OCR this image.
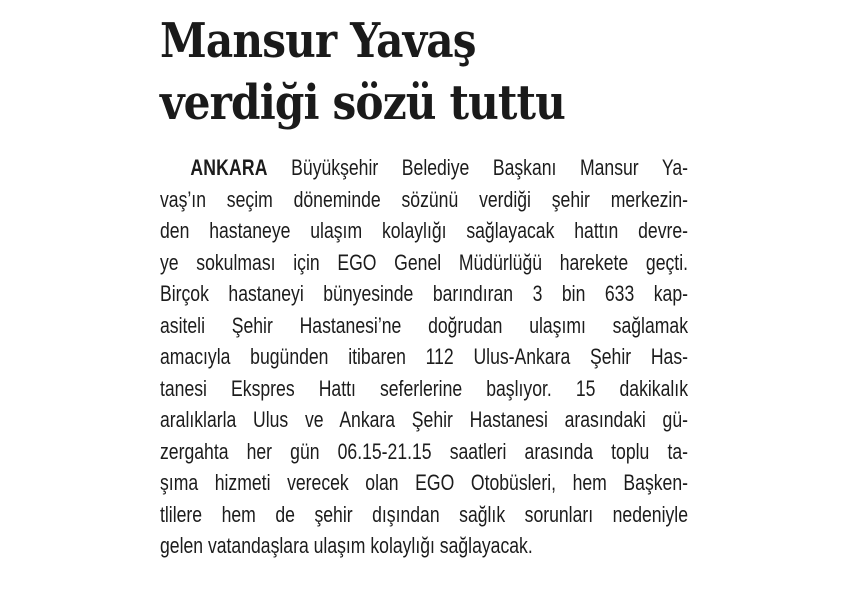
Mansur Yavaş
verdiği sözü tuttu
ANKARA Büyükşehir Belediye Başkanı Mansur Ya-
vaş’ın seçim döneminde sözünü verdiği şehir merkezin-
den hastaneye ulaşım kolaylığı sağlayacak hattın devre-
ye sokulması için EGO Genel Müdürlüğü harekete geçti.
Birçok hastaneyi bünyesinde barındıran 3 bin 633 kap-
asiteli Şehir Hastanesi’ne doğrudan ulaşımı sağlamak
amacıyla bugünden itibaren 112 Ulus-Ankara Şehir Has-
tanesi Ekspres Hattı seferlerine başlıyor. 15 dakikalık
aralıklarla Ulus ve Ankara Şehir Hastanesi arasındaki gü-
zergahta her gün 06.15-21.15 saatleri arasında toplu ta-
şıma hizmeti verecek olan EGO Otobüsleri, hem Başken-
tlilere hem de şehir dışından sağlık sorunları nedeniyle
gelen vatandaşlara ulaşım kolaylığı sağlayacak.
